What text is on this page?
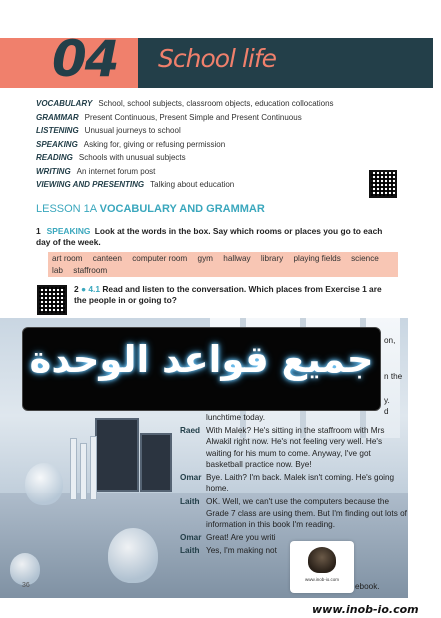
04 School life
VOCABULARY School, school subjects, classroom objects, education collocations
GRAMMAR Present Continuous, Present Simple and Present Continuous
LISTENING Unusual journeys to school
SPEAKING Asking for, giving or refusing permission
READING Schools with unusual subjects
WRITING An internet forum post
VIEWING AND PRESENTING Talking about education
LESSON 1A VOCABULARY AND GRAMMAR
1 SPEAKING Look at the words in the box. Say which rooms or places you go to each day of the week.
art room canteen computer room gym hallway library playing fields science lab staffroom
2 ● 4.1 Read and listen to the conversation. Which places from Exercise 1 are the people in or going to?
جميع قواعد الوحدة	on,
n the
y.
d
lunchtime today.
Raed With Malek? He's sitting in the staffroom with Mrs Alwakil right now. He's not feeling very well. He's waiting for his mum to come. Anyway, I've got basketball practice now. Bye!
Omar Bye. Laith? I'm back. Malek isn't coming. He's going home.
Laith OK. Well, we can't use the computers because the Grade 7 class are using them. But I'm finding out lots of information in this book I'm reading.
Omar Great! Are you writi
Laith Yes, I'm making not
ebook.
www.inob-io.com
36
www.inob-io.com
